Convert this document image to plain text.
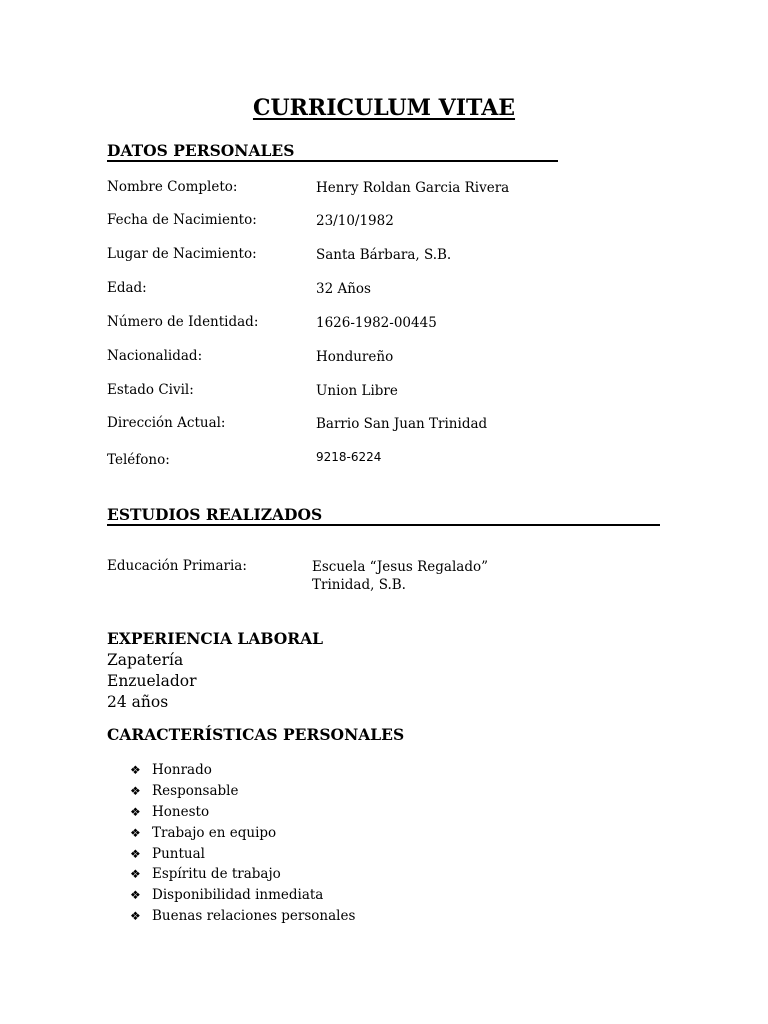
CURRICULUM VITAE
DATOS PERSONALES
Nombre Completo:	Henry Roldan Garcia Rivera
Fecha de Nacimiento:	23/10/1982
Lugar de Nacimiento:	Santa Bárbara, S.B.
Edad:	32 Años
Número de Identidad:	1626-1982-00445
Nacionalidad:	Hondureño
Estado Civil:	Union Libre
Dirección Actual:	Barrio San Juan Trinidad
Teléfono:	9218-6224
ESTUDIOS REALIZADOS
Educación Primaria:	Escuela “Jesus Regalado”
Trinidad, S.B.
EXPERIENCIA LABORAL
Zapatería
Enzuelador
24 años
CARACTERÍSTICAS PERSONALES
❖ Honrado
❖ Responsable
❖ Honesto
❖ Trabajo en equipo
❖ Puntual
❖ Espíritu de trabajo
❖ Disponibilidad inmediata
❖ Buenas relaciones personales
